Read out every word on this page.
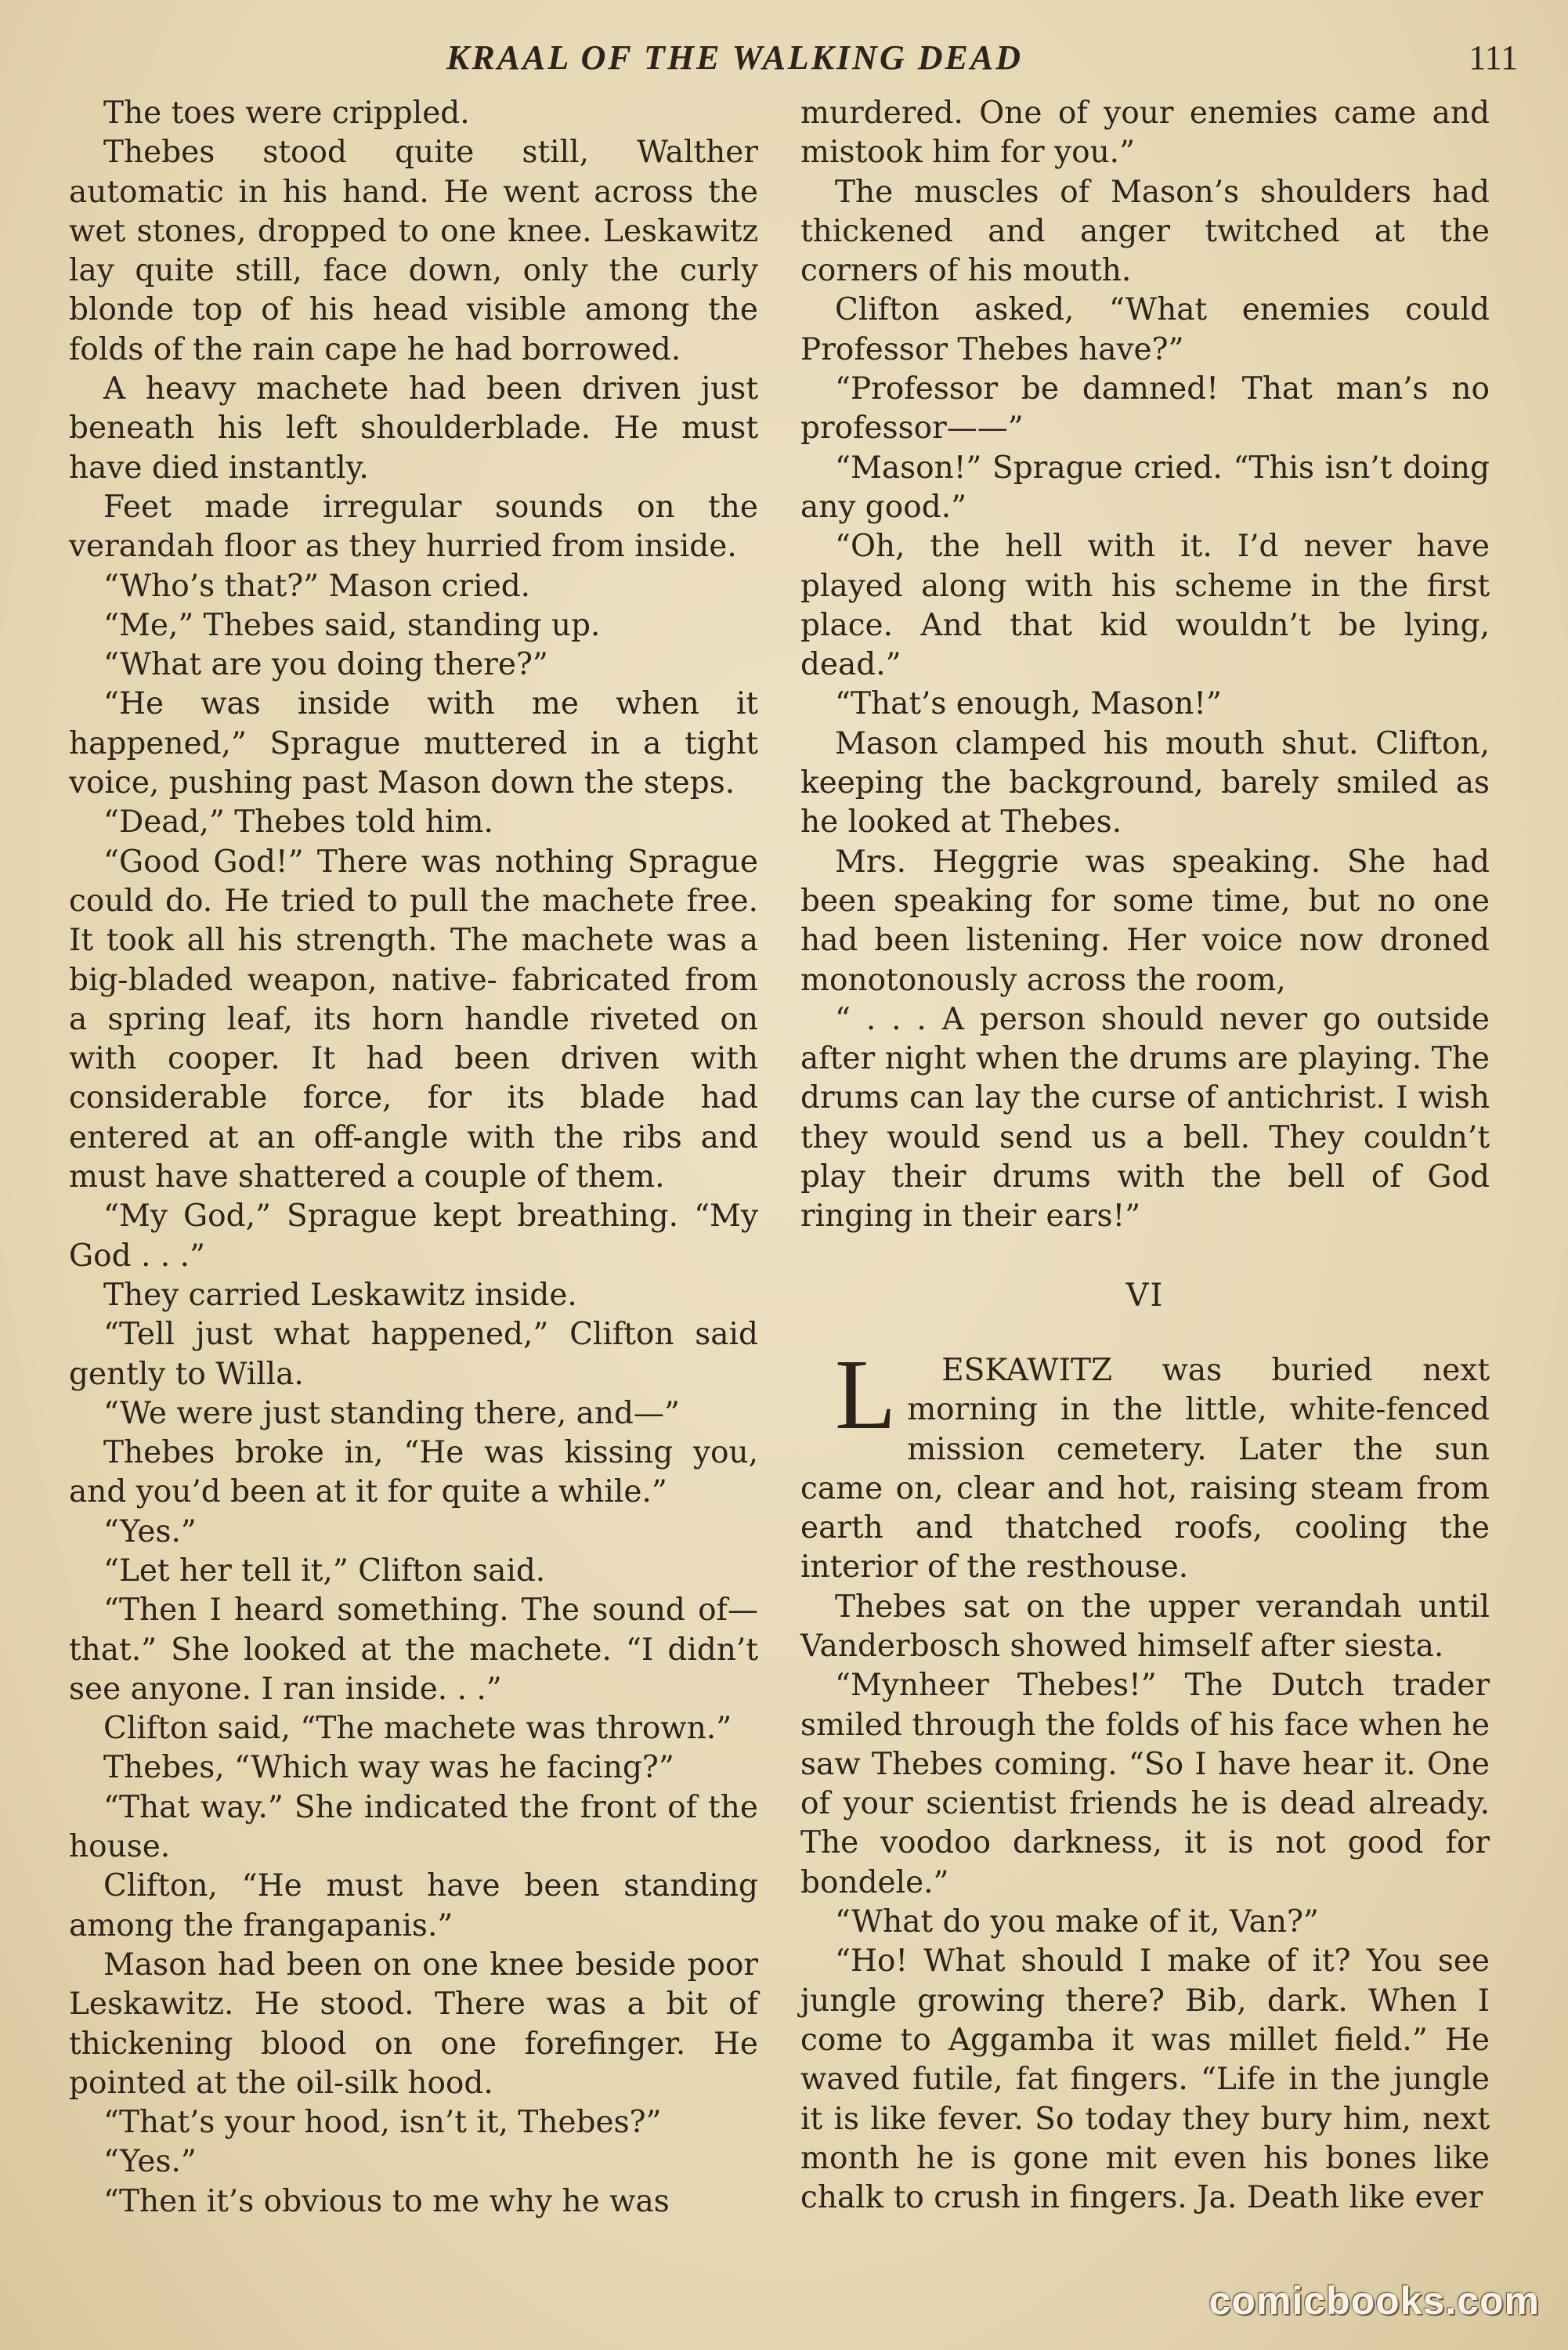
KRAAL OF THE WALKING DEAD	111

The toes were crippled.

Thebes stood quite still, Walther automatic in his hand. He went across the wet stones, dropped to one knee. Leskawitz lay quite still, face down, only the curly blonde top of his head visible among the folds of the rain cape he had borrowed.

A heavy machete had been driven just beneath his left shoulderblade. He must have died instantly.

Feet made irregular sounds on the verandah floor as they hurried from inside.

“Who’s that?” Mason cried.

“Me,” Thebes said, standing up.

“What are you doing there?”

“He was inside with me when it happened,” Sprague muttered in a tight voice, pushing past Mason down the steps.

“Dead,” Thebes told him.

“Good God!” There was nothing Sprague could do. He tried to pull the machete free. It took all his strength. The machete was a big-bladed weapon, native- fabricated from a spring leaf, its horn handle riveted on with cooper. It had been driven with considerable force, for its blade had entered at an off-angle with the ribs and must have shattered a couple of them.

“My God,” Sprague kept breathing. “My God . . .”

They carried Leskawitz inside.

“Tell just what happened,” Clifton said gently to Willa.

“We were just standing there, and—”

Thebes broke in, “He was kissing you, and you’d been at it for quite a while.”

“Yes.”

“Let her tell it,” Clifton said.

“Then I heard something. The sound of—that.” She looked at the machete. “I didn’t see anyone. I ran inside. . .”

Clifton said, “The machete was thrown.”

Thebes, “Which way was he facing?”

“That way.” She indicated the front of the house.

Clifton, “He must have been standing among the frangapanis.”

Mason had been on one knee beside poor Leskawitz. He stood. There was a bit of thickening blood on one forefinger. He pointed at the oil-silk hood.

“That’s your hood, isn’t it, Thebes?”

“Yes.”

“Then it’s obvious to me why he was

murdered. One of your enemies came and mistook him for you.”

The muscles of Mason’s shoulders had thickened and anger twitched at the corners of his mouth.

Clifton asked, “What enemies could Professor Thebes have?”

“Professor be damned! That man’s no professor——”

“Mason!” Sprague cried. “This isn’t doing any good.”

“Oh, the hell with it. I’d never have played along with his scheme in the first place. And that kid wouldn’t be lying, dead.”

“That’s enough, Mason!”

Mason clamped his mouth shut. Clifton, keeping the background, barely smiled as he looked at Thebes.

Mrs. Heggrie was speaking. She had been speaking for some time, but no one had been listening. Her voice now droned monotonously across the room,

“ . . . A person should never go outside after night when the drums are playing. The drums can lay the curse of antichrist. I wish they would send us a bell. They couldn’t play their drums with the bell of God ringing in their ears!”

VI

L ESKAWITZ was buried next morning in the little, white-fenced mission cemetery. Later the sun came on, clear and hot, raising steam from earth and thatched roofs, cooling the interior of the resthouse.

Thebes sat on the upper verandah until Vanderbosch showed himself after siesta.

“Mynheer Thebes!” The Dutch trader smiled through the folds of his face when he saw Thebes coming. “So I have hear it. One of your scientist friends he is dead already. The voodoo darkness, it is not good for bondele.”

“What do you make of it, Van?”

“Ho! What should I make of it? You see jungle growing there? Bib, dark. When I come to Aggamba it was millet field.” He waved futile, fat fingers. “Life in the jungle it is like fever. So today they bury him, next month he is gone mit even his bones like chalk to crush in fingers. Ja. Death like ever

comicbooks.com
